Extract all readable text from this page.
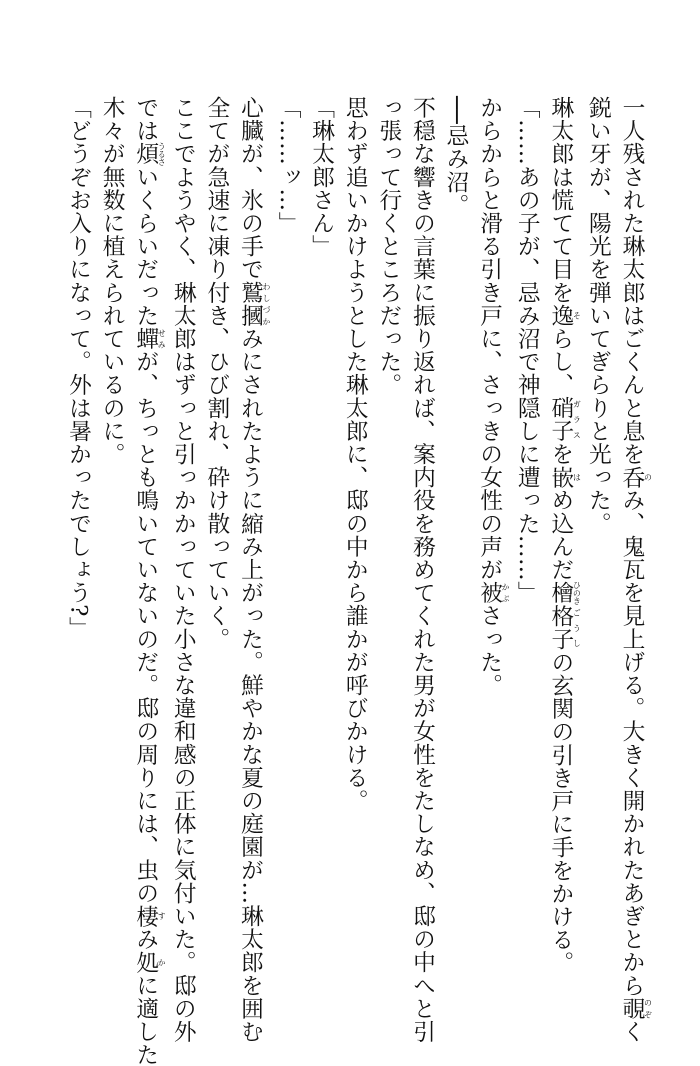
一人残された琳太郎はごくんと息を呑のみ、鬼瓦を見上げる。大きく開かれたあぎとから覗のぞく
鋭い牙が、陽光を弾いてぎらりと光った。
琳太郎は慌てて目を逸そらし、硝子ガラスを嵌はめ込んだ檜ひのき格子ごうしの玄関の引き戸に手をかける。
「……あの子が、忌み沼で神隠しに遭った……」
からからと滑る引き戸に、さっきの女性の声が被かぶさった。
──忌み沼。
不穏な響きの言葉に振り返れば、案内役を務めてくれた男が女性をたしなめ、邸の中へと引
っ張って行くところだった。
思わず追いかけようとした琳太郎に、邸の中から誰かが呼びかける。
「琳太郎さん」
「……ッ…」
心臓が、氷の手で鷲摑わしづかみにされたように縮み上がった。鮮やかな夏の庭園が…琳太郎を囲む
全てが急速に凍り付き、ひび割れ、砕け散っていく。
ここでようやく、琳太郎はずっと引っかかっていた小さな違和感の正体に気付いた。邸の外
では煩うるさいくらいだった蟬せみが、ちっとも鳴いていないのだ。邸の周りには、虫の棲すみ処かに適した
木々が無数に植えられているのに。
「どうぞお入りになって。外は暑かったでしょう?」
